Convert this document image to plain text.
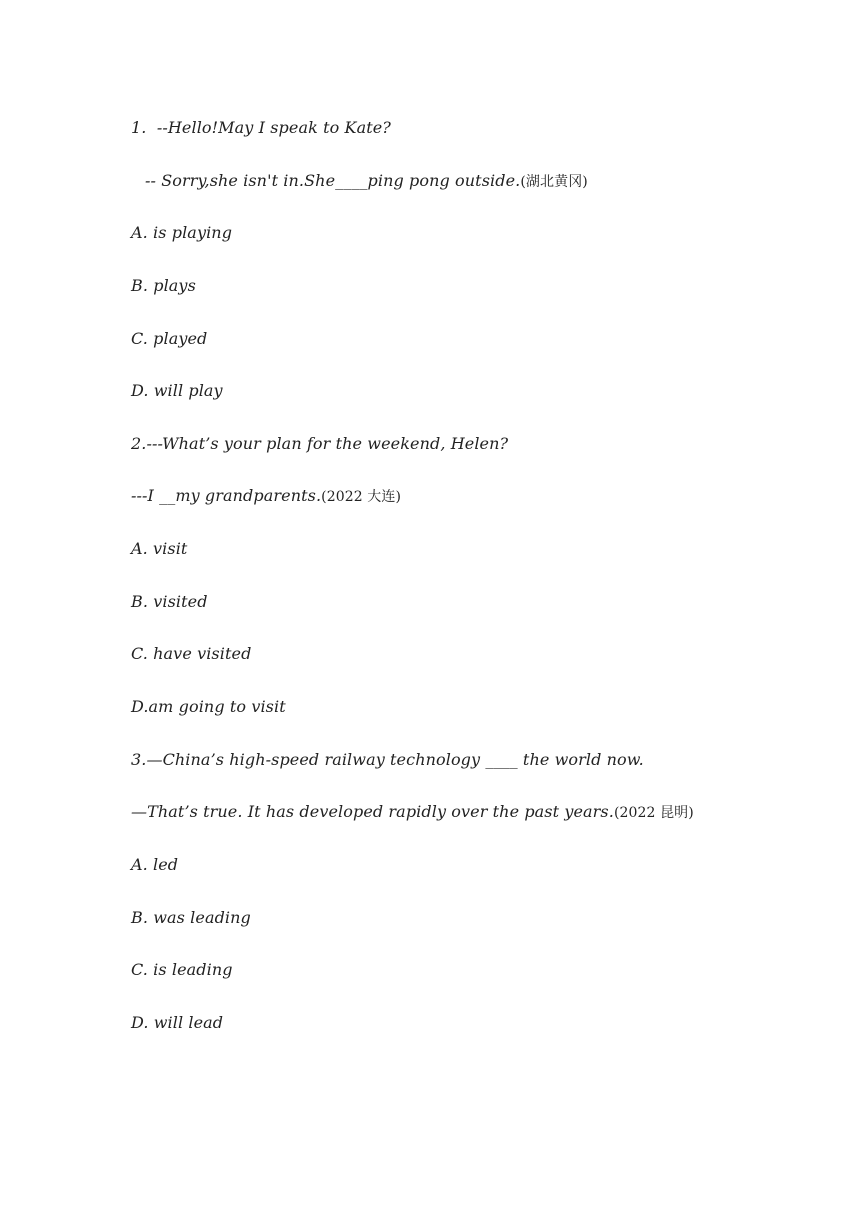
1.  --Hello!May I speak to Kate?
-- Sorry,she isn't in.She____ping pong outside.(湖北黄冈)
A. is playing
B. plays
C. played
D. will play
2.---What’s your plan for the weekend, Helen?
---I __my grandparents.(2022 大连)
A. visit
B. visited
C. have visited
D.am going to visit
3.—China’s high-speed railway technology ____ the world now.
—That’s true. It has developed rapidly over the past years.(2022 昆明)
A. led
B. was leading
C. is leading
D. will lead
